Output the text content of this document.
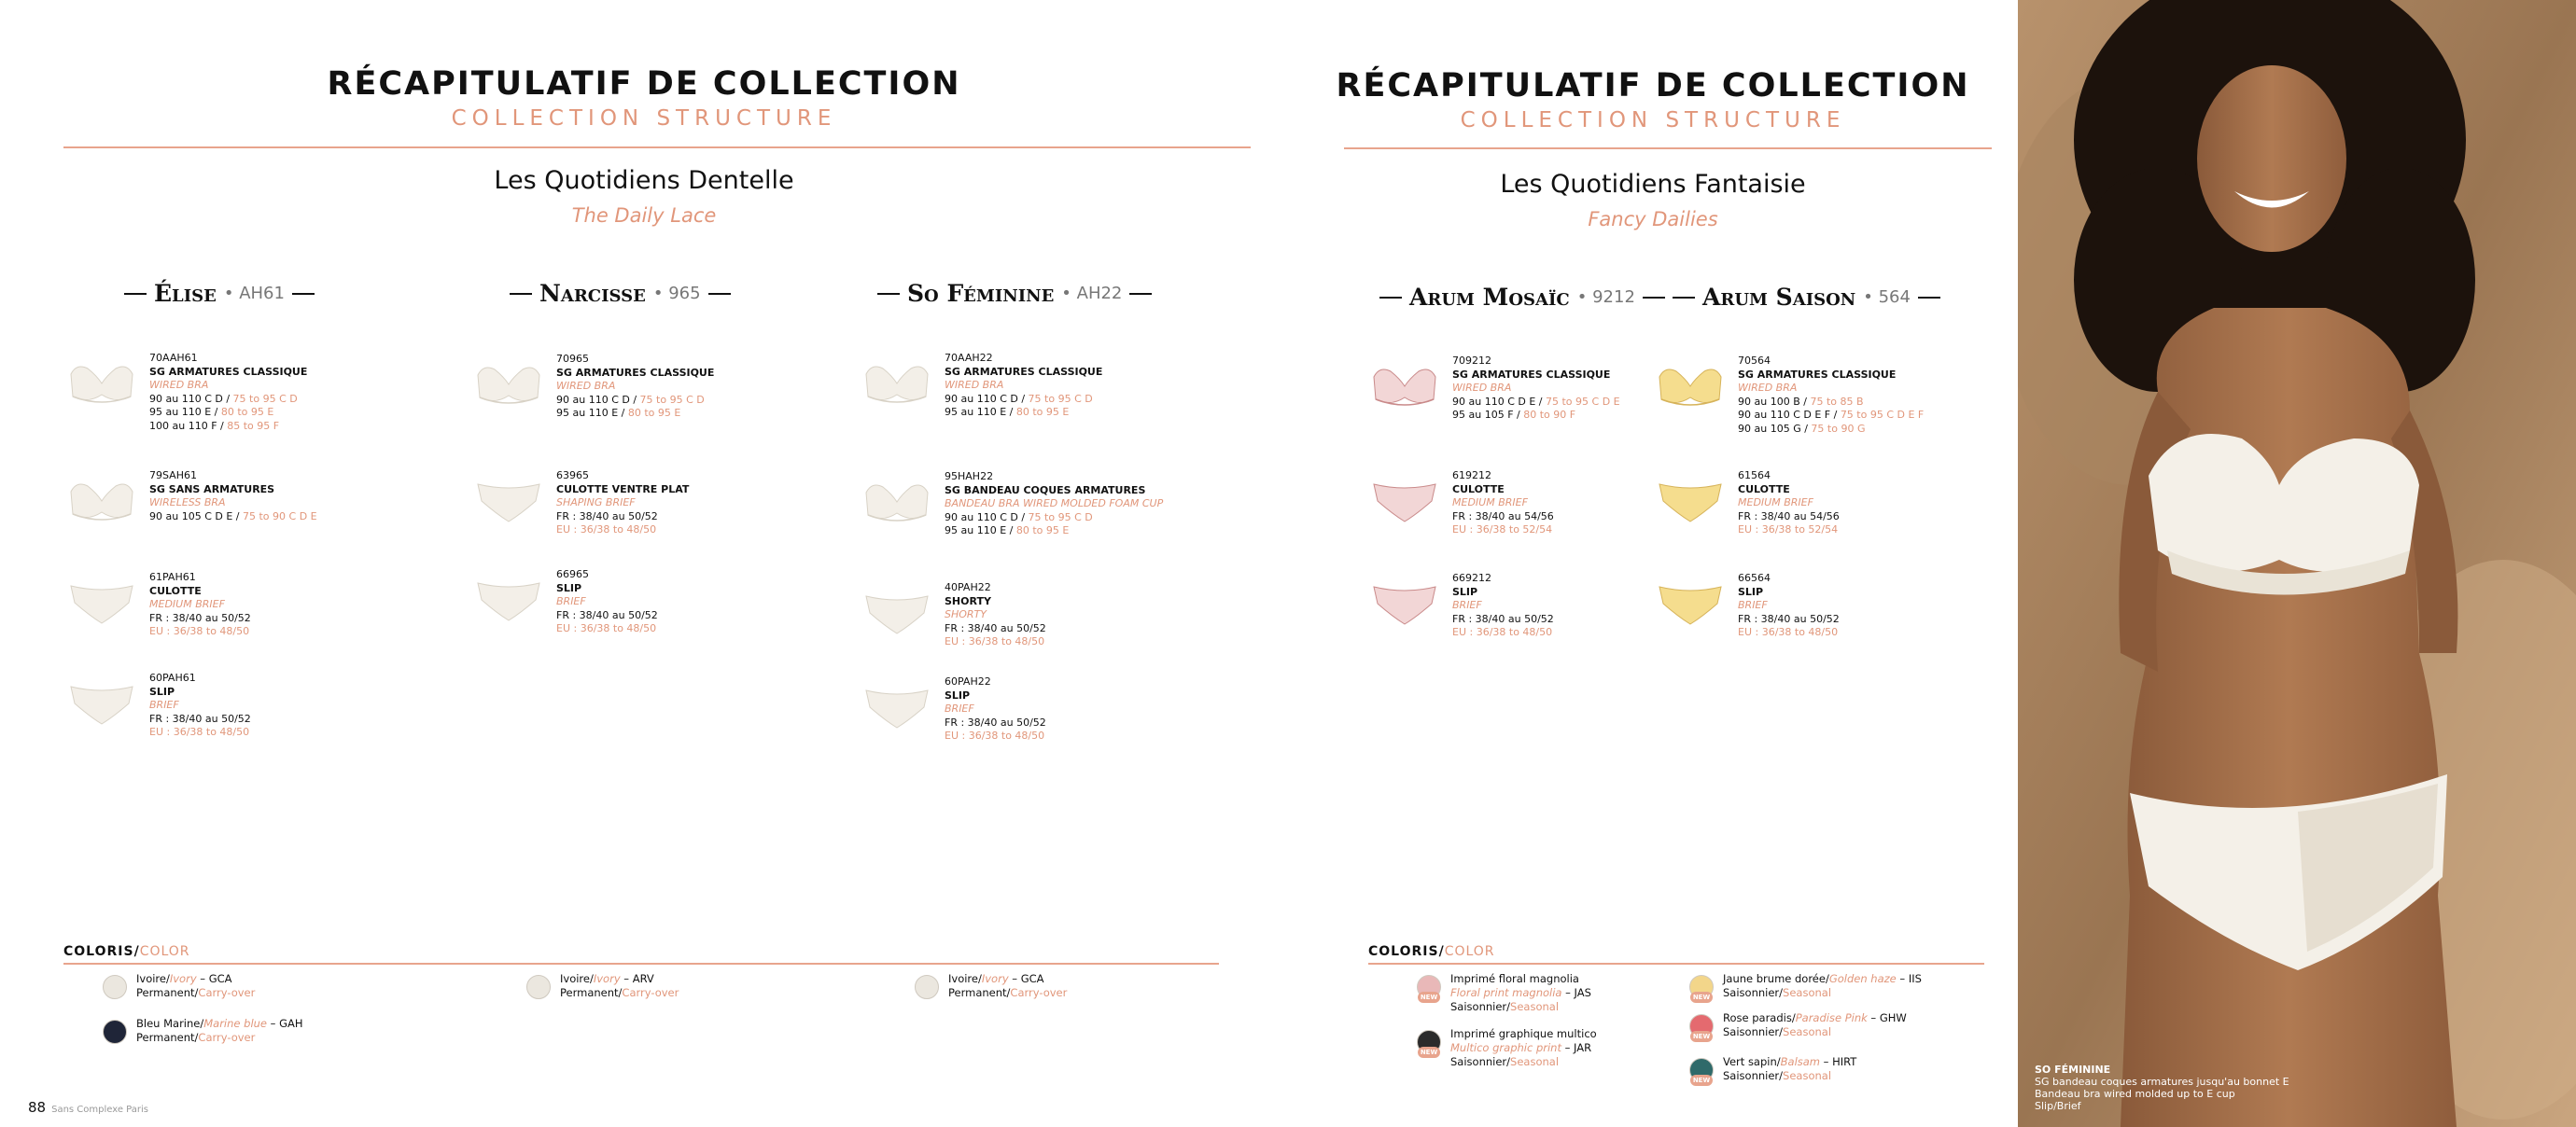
RÉCAPITULATIF DE COLLECTION
COLLECTION STRUCTURE
Les Quotidiens Dentelle
The Daily Lace
Élise • AH61	Narcisse • 965	So Féminine • AH22
70AAH61
SG ARMATURES CLASSIQUE
WIRED BRA
90 au 110 C D / 75 to 95 C D
95 au 110 E / 80 to 95 E
100 au 110 F / 85 to 95 F
79SAH61
SG SANS ARMATURES
WIRELESS BRA
90 au 105 C D E / 75 to 90 C D E
61PAH61
CULOTTE
MEDIUM BRIEF
FR : 38/40 au 50/52
EU : 36/38 to 48/50
60PAH61
SLIP
BRIEF
FR : 38/40 au 50/52
EU : 36/38 to 48/50
70965
SG ARMATURES CLASSIQUE
WIRED BRA
90 au 110 C D / 75 to 95 C D
95 au 110 E / 80 to 95 E
63965
CULOTTE VENTRE PLAT
SHAPING BRIEF
FR : 38/40 au 50/52
EU : 36/38 to 48/50
66965
SLIP
BRIEF
FR : 38/40 au 50/52
EU : 36/38 to 48/50
70AAH22
SG ARMATURES CLASSIQUE
WIRED BRA
90 au 110 C D / 75 to 95 C D
95 au 110 E / 80 to 95 E
95HAH22
SG BANDEAU COQUES ARMATURES
BANDEAU BRA WIRED MOLDED FOAM CUP
90 au 110 C D / 75 to 95 C D
95 au 110 E / 80 to 95 E
40PAH22
SHORTY
SHORTY
FR : 38/40 au 50/52
EU : 36/38 to 48/50
60PAH22
SLIP
BRIEF
FR : 38/40 au 50/52
EU : 36/38 to 48/50
COLORIS/COLOR
Ivoire/Ivory – GCA
Permanent/Carry-over
Bleu Marine/Marine blue – GAH
Permanent/Carry-over
Ivoire/Ivory – ARV
Permanent/Carry-over
Ivoire/Ivory – GCA
Permanent/Carry-over
88 Sans Complexe Paris
RÉCAPITULATIF DE COLLECTION
COLLECTION STRUCTURE
Les Quotidiens Fantaisie
Fancy Dailies
Arum Mosaïc • 9212	Arum Saison • 564
709212
SG ARMATURES CLASSIQUE
WIRED BRA
90 au 110 C D E / 75 to 95 C D E
95 au 105 F / 80 to 90 F
619212
CULOTTE
MEDIUM BRIEF
FR : 38/40 au 54/56
EU : 36/38 to 52/54
669212
SLIP
BRIEF
FR : 38/40 au 50/52
EU : 36/38 to 48/50
70564
SG ARMATURES CLASSIQUE
WIRED BRA
90 au 100 B / 75 to 85 B
90 au 110 C D E F / 75 to 95 C D E F
90 au 105 G / 75 to 90 G
61564
CULOTTE
MEDIUM BRIEF
FR : 38/40 au 54/56
EU : 36/38 to 52/54
66564
SLIP
BRIEF
FR : 38/40 au 50/52
EU : 36/38 to 48/50
COLORIS/COLOR
NEW
Imprimé floral magnolia
Floral print magnolia – JAS
Saisonnier/Seasonal
NEW
Imprimé graphique multico
Multico graphic print – JAR
Saisonnier/Seasonal
NEW
Jaune brume dorée/Golden haze – IIS
Saisonnier/Seasonal
NEW
Rose paradis/Paradise Pink – GHW
Saisonnier/Seasonal
NEW
Vert sapin/Balsam – HIRT
Saisonnier/Seasonal	SO FÉMININE
SG bandeau coques armatures jusqu'au bonnet E
Bandeau bra wired molded up to E cup
Slip/Brief
